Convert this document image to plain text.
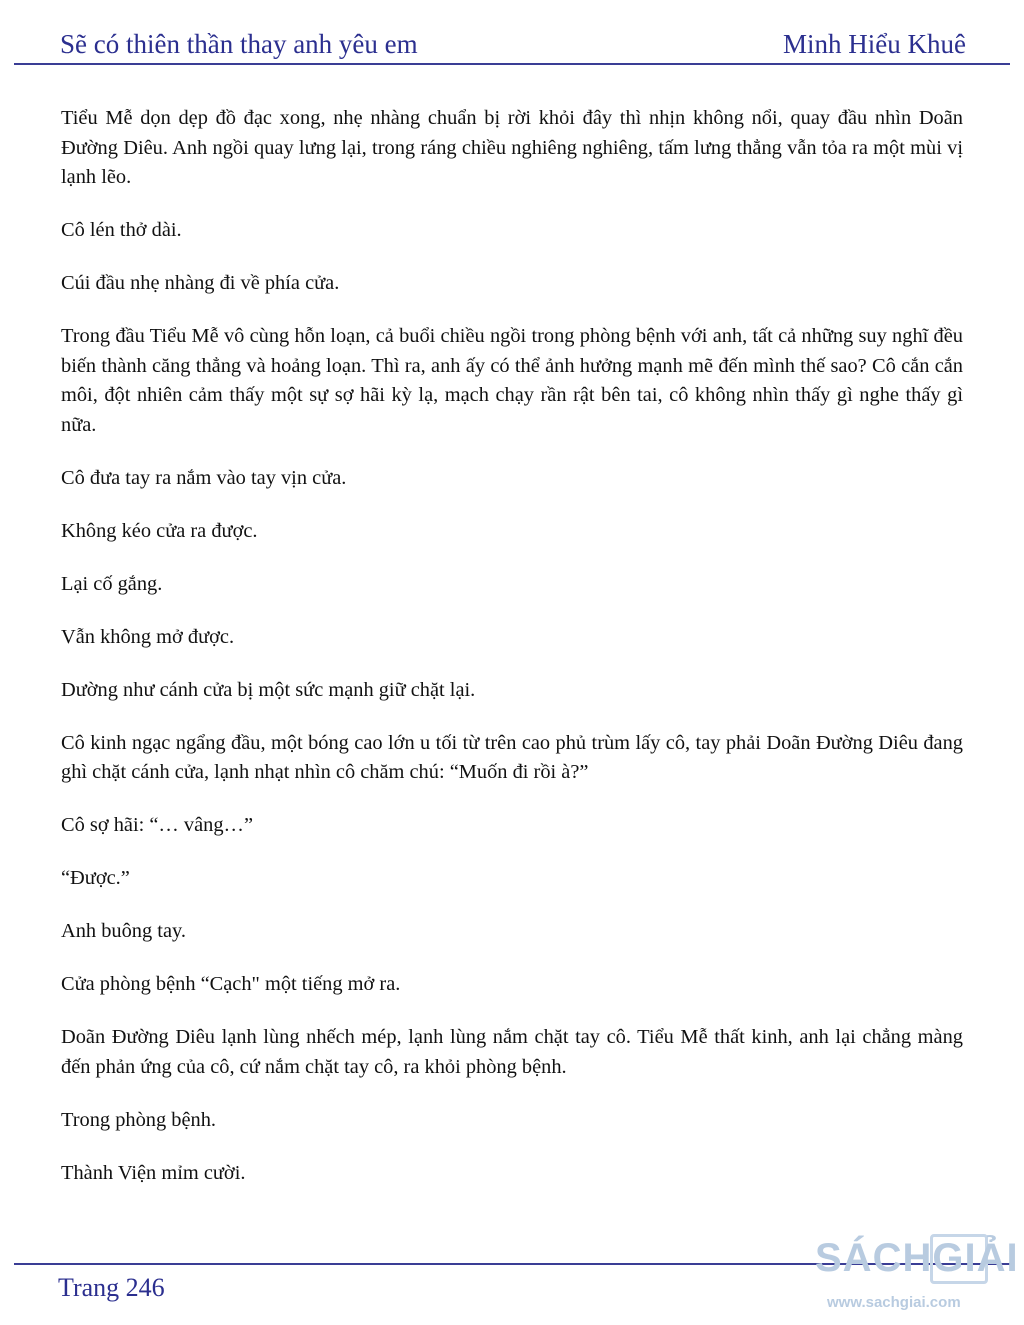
Sẽ có thiên thần thay anh yêu em	Minh Hiểu Khuê

Tiểu Mễ dọn dẹp đồ đạc xong, nhẹ nhàng chuẩn bị rời khỏi đây thì nhịn không nổi, quay đầu nhìn Doãn Đường Diêu. Anh ngồi quay lưng lại, trong ráng chiều nghiêng nghiêng, tấm lưng thẳng vẫn tỏa ra một mùi vị lạnh lẽo.

Cô lén thở dài.

Cúi đầu nhẹ nhàng đi về phía cửa.

Trong đầu Tiểu Mễ vô cùng hỗn loạn, cả buổi chiều ngồi trong phòng bệnh với anh, tất cả những suy nghĩ đều biến thành căng thẳng và hoảng loạn. Thì ra, anh ấy có thể ảnh hưởng mạnh mẽ đến mình thế sao? Cô cắn cắn môi, đột nhiên cảm thấy một sự sợ hãi kỳ lạ, mạch chạy rần rật bên tai, cô không nhìn thấy gì nghe thấy gì nữa.

Cô đưa tay ra nắm vào tay vịn cửa.

Không kéo cửa ra được.

Lại cố gắng.

Vẫn không mở được.

Dường như cánh cửa bị một sức mạnh giữ chặt lại.

Cô kinh ngạc ngẩng đầu, một bóng cao lớn u tối từ trên cao phủ trùm lấy cô, tay phải Doãn Đường Diêu đang ghì chặt cánh cửa, lạnh nhạt nhìn cô chăm chú: “Muốn đi rồi à?”

Cô sợ hãi: “… vâng…”

“Được.”

Anh buông tay.

Cửa phòng bệnh “Cạch" một tiếng mở ra.

Doãn Đường Diêu lạnh lùng nhếch mép, lạnh lùng nắm chặt tay cô. Tiểu Mễ thất kinh, anh lại chẳng màng đến phản ứng của cô, cứ nắm chặt tay cô, ra khỏi phòng bệnh.

Trong phòng bệnh.

Thành Viện mỉm cười.

Trang 246
SÁCHGIẢI
www.sachgiai.com
